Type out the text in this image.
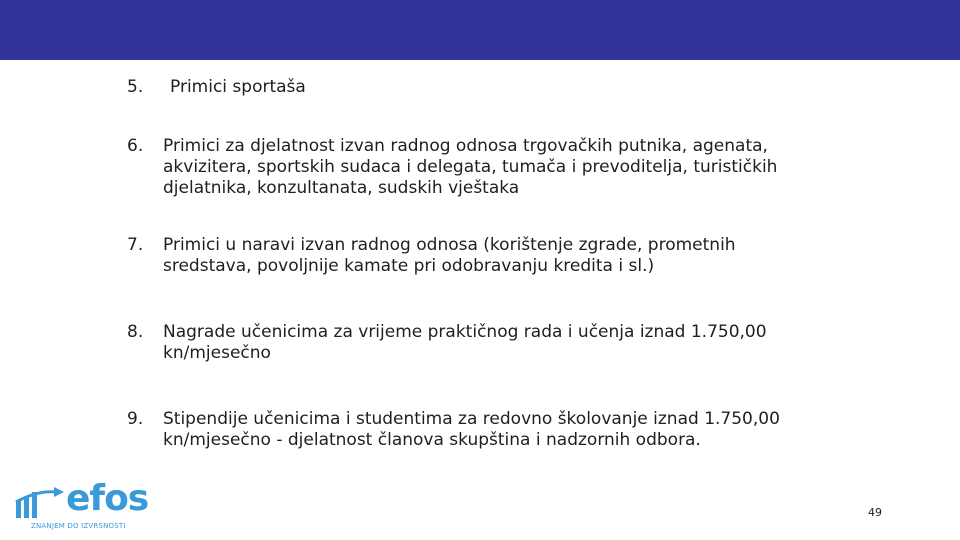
5. Primici sportaša
6. Primici za djelatnost izvan radnog odnosa trgovačkih putnika, agenata, akvizitera, sportskih sudaca i delegata, tumača i prevoditelja, turističkih djelatnika, konzultanata, sudskih vještaka
7. Primici u naravi izvan radnog odnosa (korištenje zgrade, prometnih sredstava, povoljnije kamate pri odobravanju kredita i sl.)
8. Nagrade učenicima za vrijeme praktičnog rada i učenja iznad 1.750,00 kn/mjesečno
9. Stipendije učenicima i studentima za redovno školovanje iznad 1.750,00 kn/mjesečno - djelatnost članova skupština i nadzornih odbora.
efos
ZNANJEM DO IZVRSNOSTI
49
